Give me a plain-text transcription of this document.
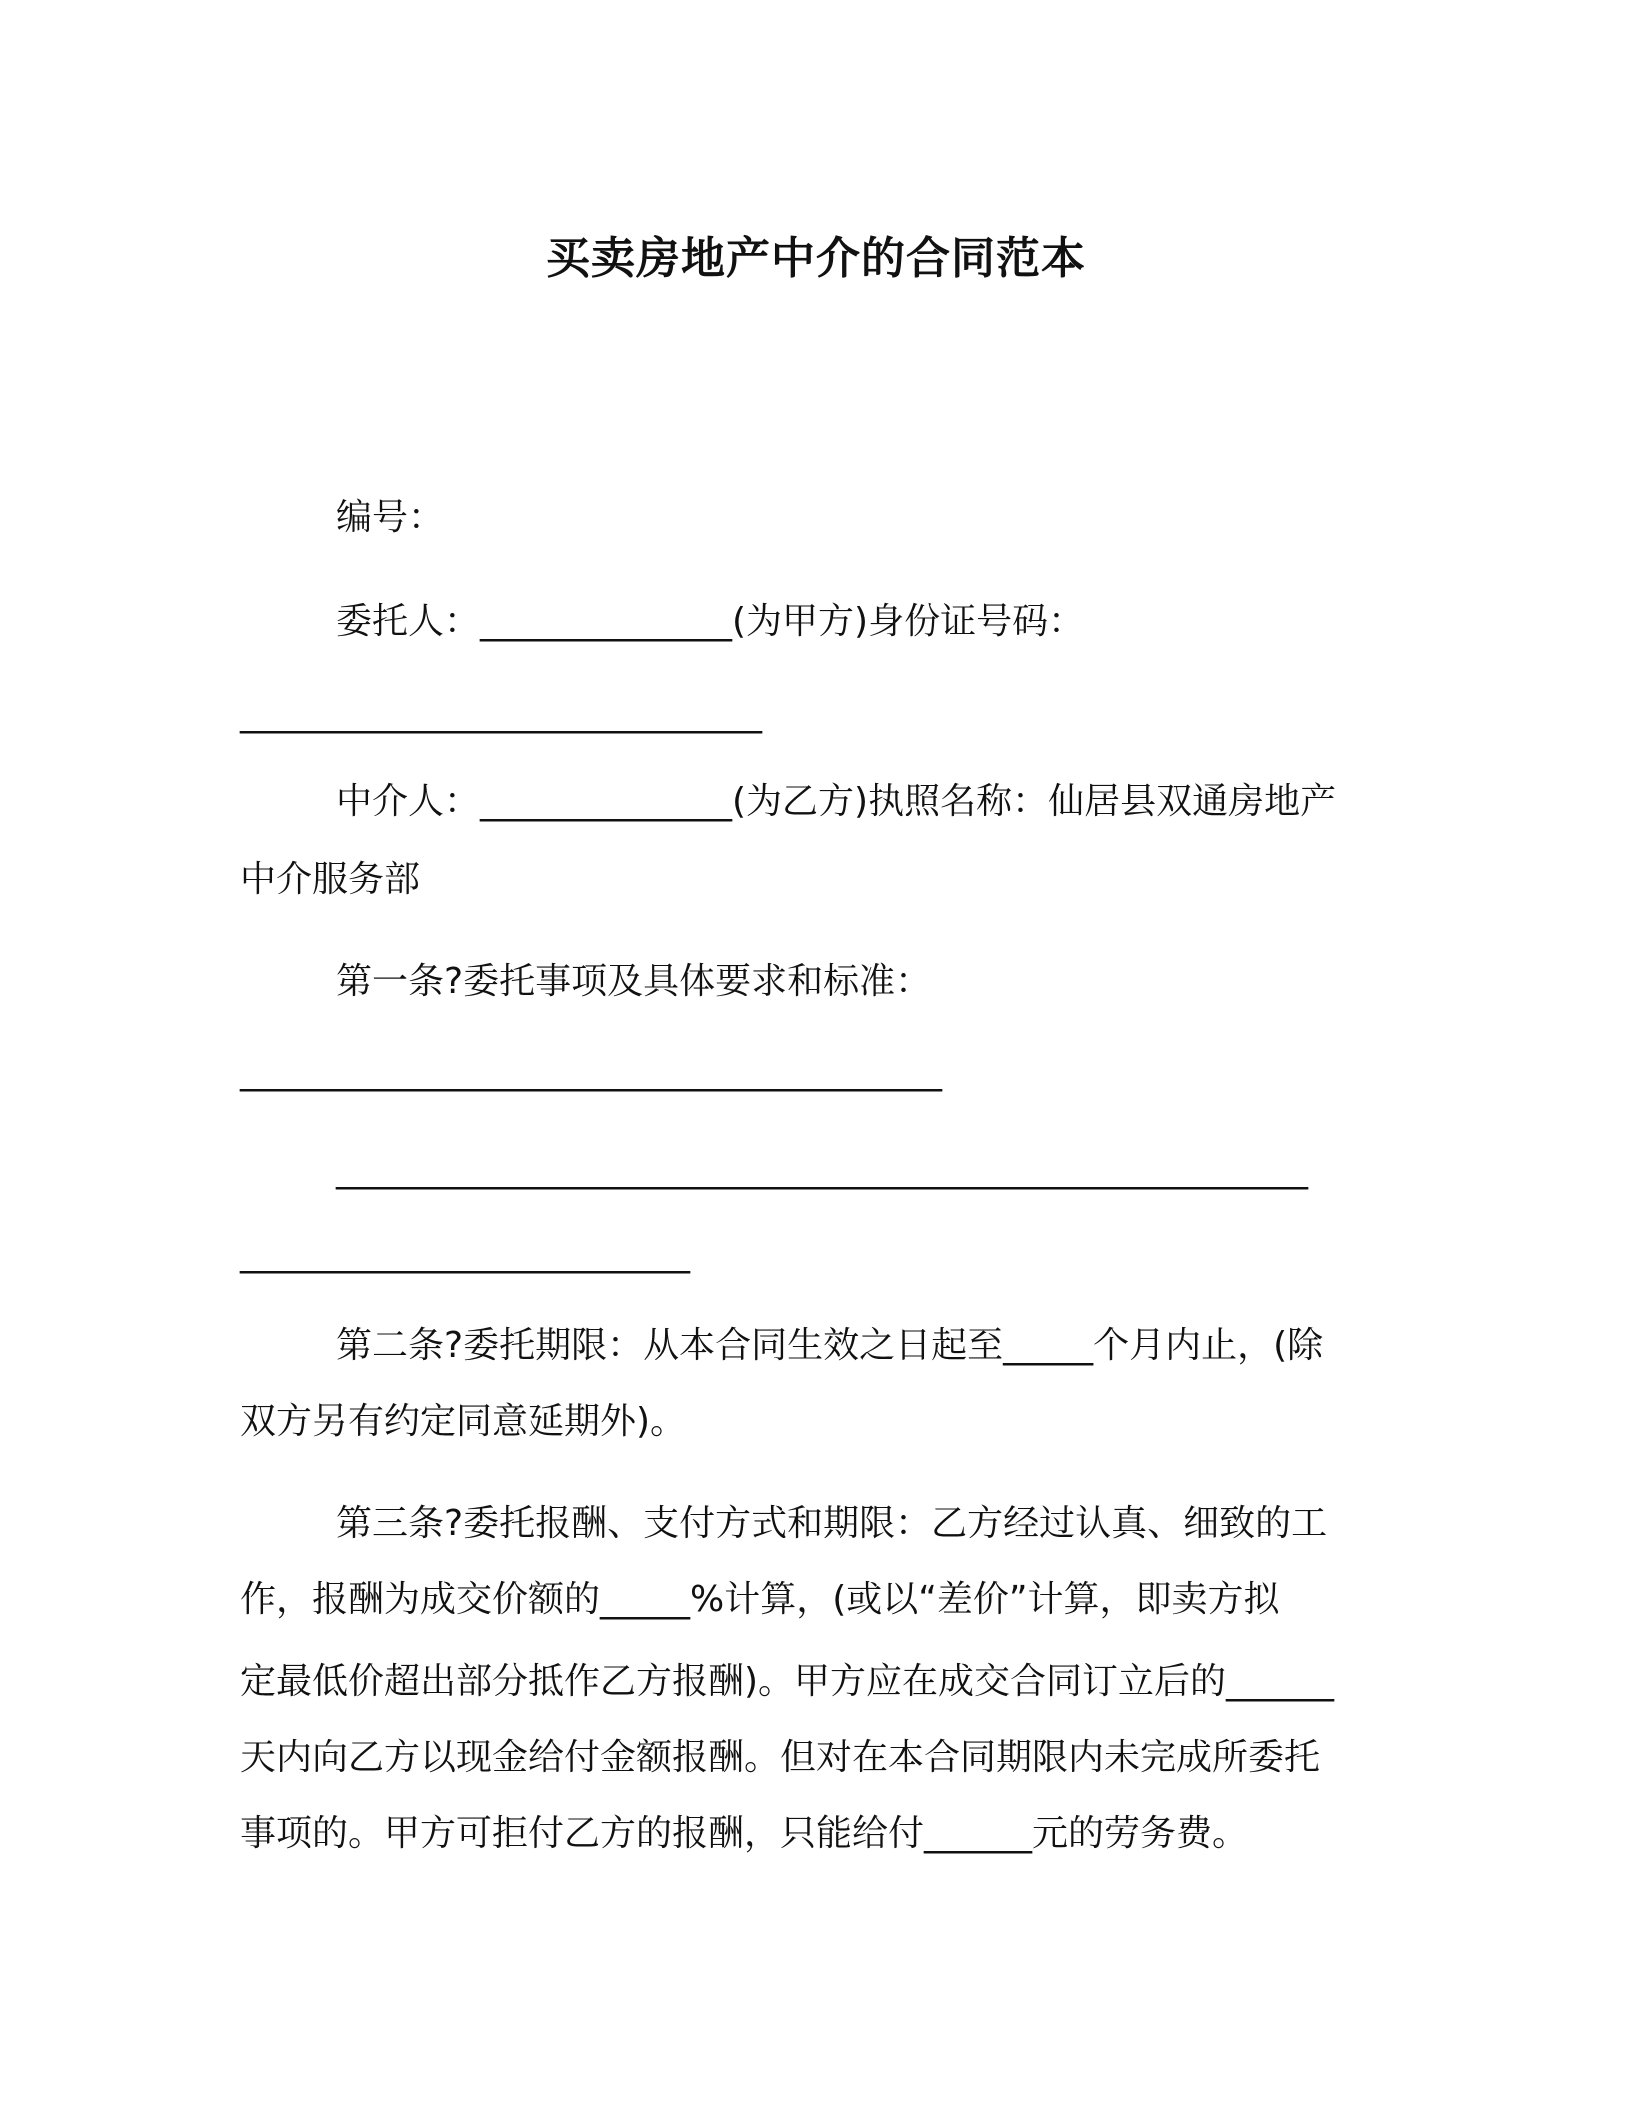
买卖房地产中介的合同范本

编号：

委托人：______________(为甲方)身份证号码：

_____________________________

中介人：______________(为乙方)执照名称：仙居县双通房地产

中介服务部

第一条?委托事项及具体要求和标准：

_______________________________________

______________________________________________________

_________________________

第二条?委托期限：从本合同生效之日起至_____个月内止，(除

双方另有约定同意延期外)。

第三条?委托报酬、支付方式和期限：乙方经过认真、细致的工

作，报酬为成交价额的_____%计算，(或以“差价”计算，即卖方拟

定最低价超出部分抵作乙方报酬)。甲方应在成交合同订立后的______

天内向乙方以现金给付金额报酬。但对在本合同期限内未完成所委托

事项的。甲方可拒付乙方的报酬，只能给付______元的劳务费。
